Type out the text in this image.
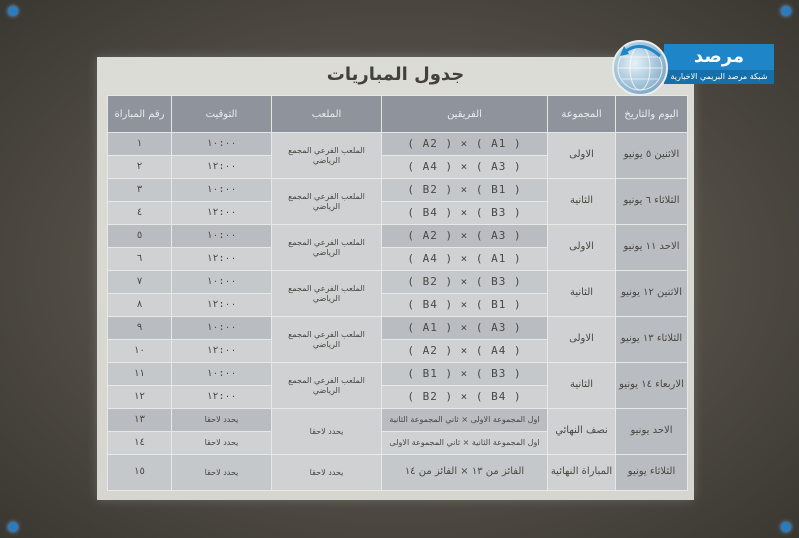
جدول المباريات
اليوم والتاريخ	المجموعة	الفريقين	الملعب	التوقيت	رقم المباراة
الاثنين ٥ يونيو	الاولى	( A2 ) × ( A1 )	الملعب الفرعي المجمع الرياضي	١٠:٠٠	١
		( A4 ) × ( A3 )		١٢:٠٠	٢
الثلاثاء ٦ يونيو	الثانية	( B2 ) × ( B1 )	الملعب الفرعي المجمع الرياضي	١٠:٠٠	٣
		( B4 ) × ( B3 )		١٢:٠٠	٤
الاحد ١١ يونيو	الاولى	( A2 ) × ( A3 )	الملعب الفرعي المجمع الرياضي	١٠:٠٠	٥
		( A4 ) × ( A1 )		١٢:٠٠	٦
الاثنين ١٢ يونيو	الثانية	( B2 ) × ( B3 )	الملعب الفرعي المجمع الرياضي	١٠:٠٠	٧
		( B4 ) × ( B1 )		١٢:٠٠	٨
الثلاثاء ١٣ يونيو	الاولى	( A1 ) × ( A3 )	الملعب الفرعي المجمع الرياضي	١٠:٠٠	٩
		( A2 ) × ( A4 )		١٢:٠٠	١٠
الاربعاء ١٤ يونيو	الثانية	( B1 ) × ( B3 )	الملعب الفرعي المجمع الرياضي	١٠:٠٠	١١
		( B2 ) × ( B4 )		١٢:٠٠	١٢
الاحد يونيو	نصف النهائي	اول المجموعة الاولى × ثاني المجموعة الثانية	يحدد لاحقا	يحدد لاحقا	١٣
		اول المجموعة الثانية × ثاني المجموعة الاولى		يحدد لاحقا	١٤
الثلاثاء يونيو	المباراة النهائية	الفائز من ١٣ × الفائز من ١٤	يحدد لاحقا	يحدد لاحقا	١٥
مرصد
شبكة مرصد البريمي الاخبارية
